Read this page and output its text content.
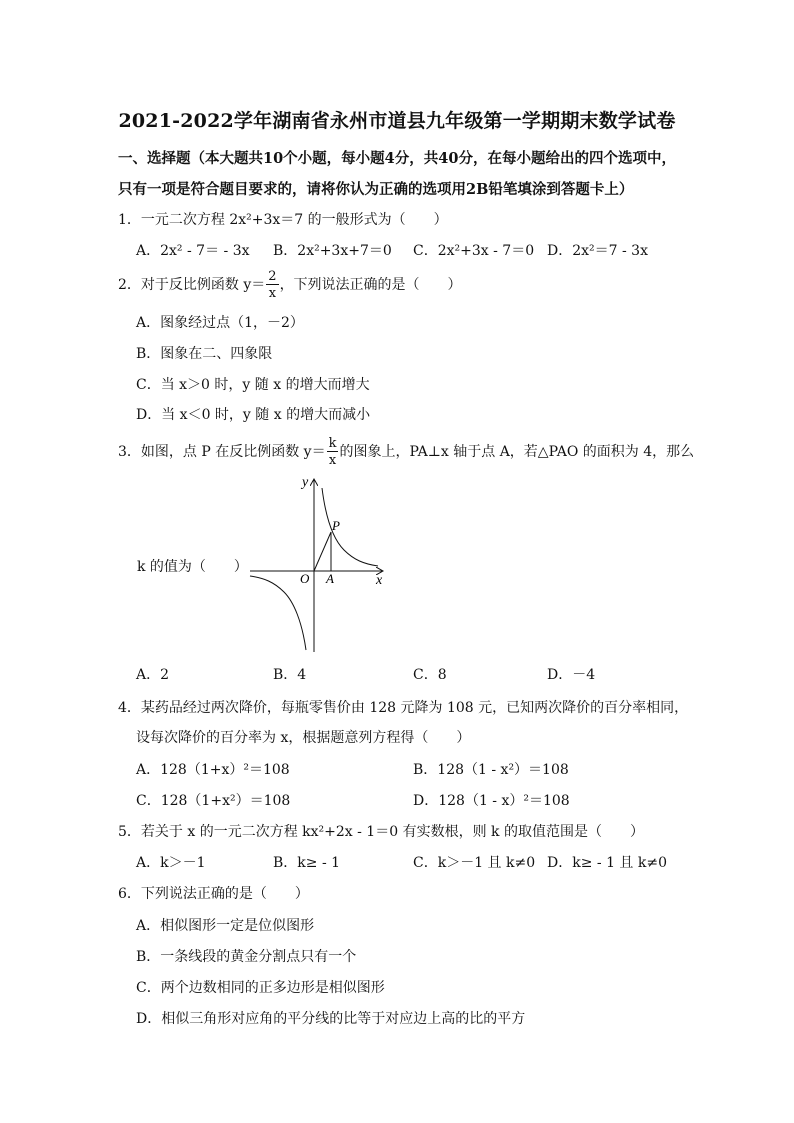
2021-2022学年湖南省永州市道县九年级第一学期期末数学试卷
一、选择题（本大题共10个小题，每小题4分，共40分，在每小题给出的四个选项中，
只有一项是符合题目要求的，请将你认为正确的选项用2B铅笔填涂到答题卡上）
1．一元二次方程 2x²+3x＝7 的一般形式为（　　）
A．2x² - 7＝ - 3x B．2x²+3x+7＝0 C．2x²+3x - 7＝0 D．2x²＝7 - 3x
2．对于反比例函数 $y= \frac{2}{x}$ ，下列说法正确的是（　　）
A．图象经过点（1，－2）
B．图象在二、四象限
C．当 x＞0 时，y 随 x 的增大而增大
D．当 x＜0 时，y 随 x 的增大而减小
3．如图，点 P 在反比例函数 $y= \frac{k}{x}$ 的图象上，PA⊥x 轴于点 A，若△PAO 的面积为 4，那么
k 的值为（　　）
y
x
O A
P
A．2	B．4	C．8	D．－4
4．某药品经过两次降价，每瓶零售价由 128 元降为 108 元，已知两次降价的百分率相同，
设每次降价的百分率为 x，根据题意列方程得（　　）
A．128（1+x）²＝108	B．128（1 - x²）＝108
C．128（1+x²）＝108	D．128（1 - x）²＝108
5．若关于 x 的一元二次方程 kx²+2x - 1＝0 有实数根，则 k 的取值范围是（　　）
A．k＞－1	B．k≥ - 1	C．k＞－1 且 k≠0 D．k≥ - 1 且 k≠0
6．下列说法正确的是（　　）
A．相似图形一定是位似图形
B．一条线段的黄金分割点只有一个
C．两个边数相同的正多边形是相似图形
D．相似三角形对应角的平分线的比等于对应边上高的比的平方
